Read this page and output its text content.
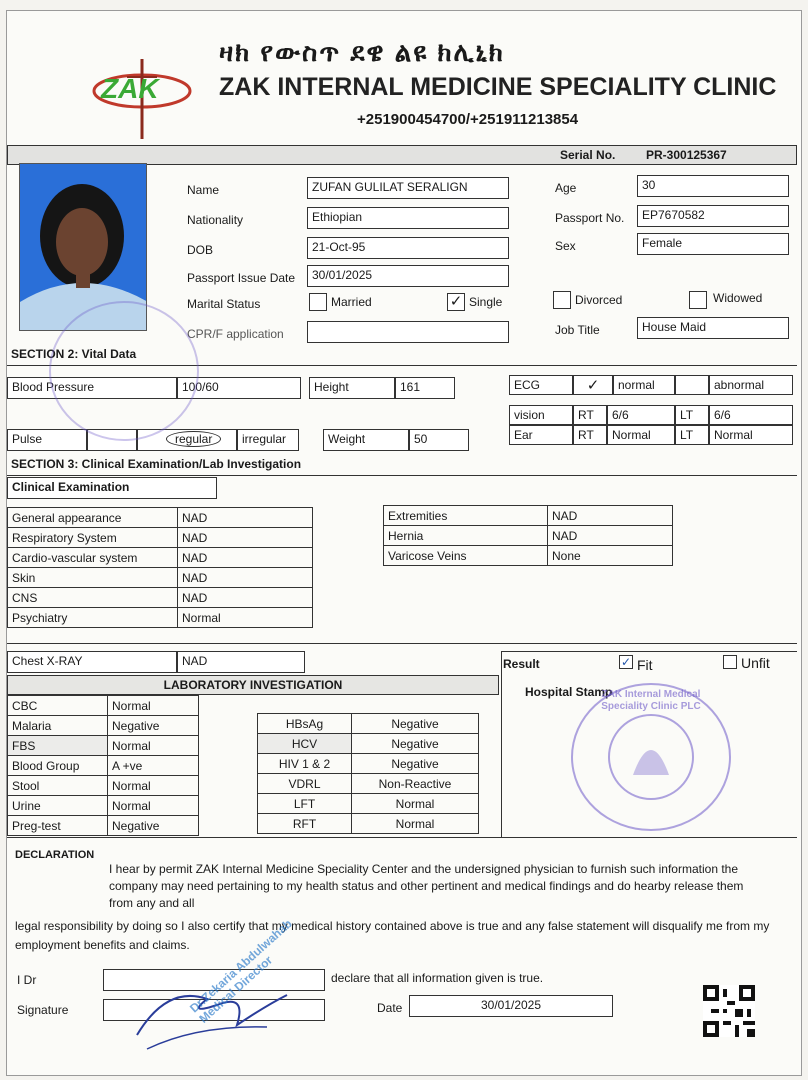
ZAK
ዛክ የውስጥ ደዌ ልዩ ክሊኒክ
ZAK INTERNAL MEDICINE SPECIALITY CLINIC
+251900454700/+251911213854
Serial No.	PR-300125367
Name	ZUFAN GULILAT SERALIGN
Nationality	Ethiopian
DOB	21-Oct-95
Passport Issue Date	30/01/2025
Marital Status	Married	✓ Single	Divorced	Widowed
CPR/F application
Age	30
Passport No.	EP7670582
Sex	Female
Job Title	House Maid
SECTION 2: Vital Data
Blood Pressure	100/60	Height	161	ECG	✓	normal	abnormal
vision	RT	6/6	LT	6/6
Ear	RT	Normal	LT	Normal
Pulse	regular	irregular	Weight	50
SECTION 3: Clinical Examination/Lab Investigation
Clinical Examination
General appearance	NAD
Respiratory System	NAD
Cardio-vascular system	NAD
Skin	NAD
CNS	NAD
Psychiatry	Normal
Extremities	NAD
Hernia	NAD
Varicose Veins	None
Chest X-RAY	NAD	Result	✓ Fit	Unfit
Hospital Stamp
ZAK Internal Medical Speciality Clinic PLC
LABORATORY INVESTIGATION
CBC	Normal
Malaria	Negative
FBS	Normal
Blood Group	A +ve
Stool	Normal
Urine	Normal
Preg-test	Negative
HBsAg	Negative
HCV	Negative
HIV 1 & 2	Negative
VDRL	Non-Reactive
LFT	Normal
RFT	Normal
DECLARATION
I hear by permit ZAK Internal Medicine Speciality Center and the undersigned physician to furnish such information the company may need pertaining to my health status and other pertinent and medical findings and do hearby release them from any and all
legal responsibility by doing so I also certify that my medical history contained above is true and any false statement will disqualify me from my employment benefits and claims.
I Dr	declare that all information given is true.
Signature	Date	30/01/2025
Dr.Zekaria Abdulwahab Medical Director
